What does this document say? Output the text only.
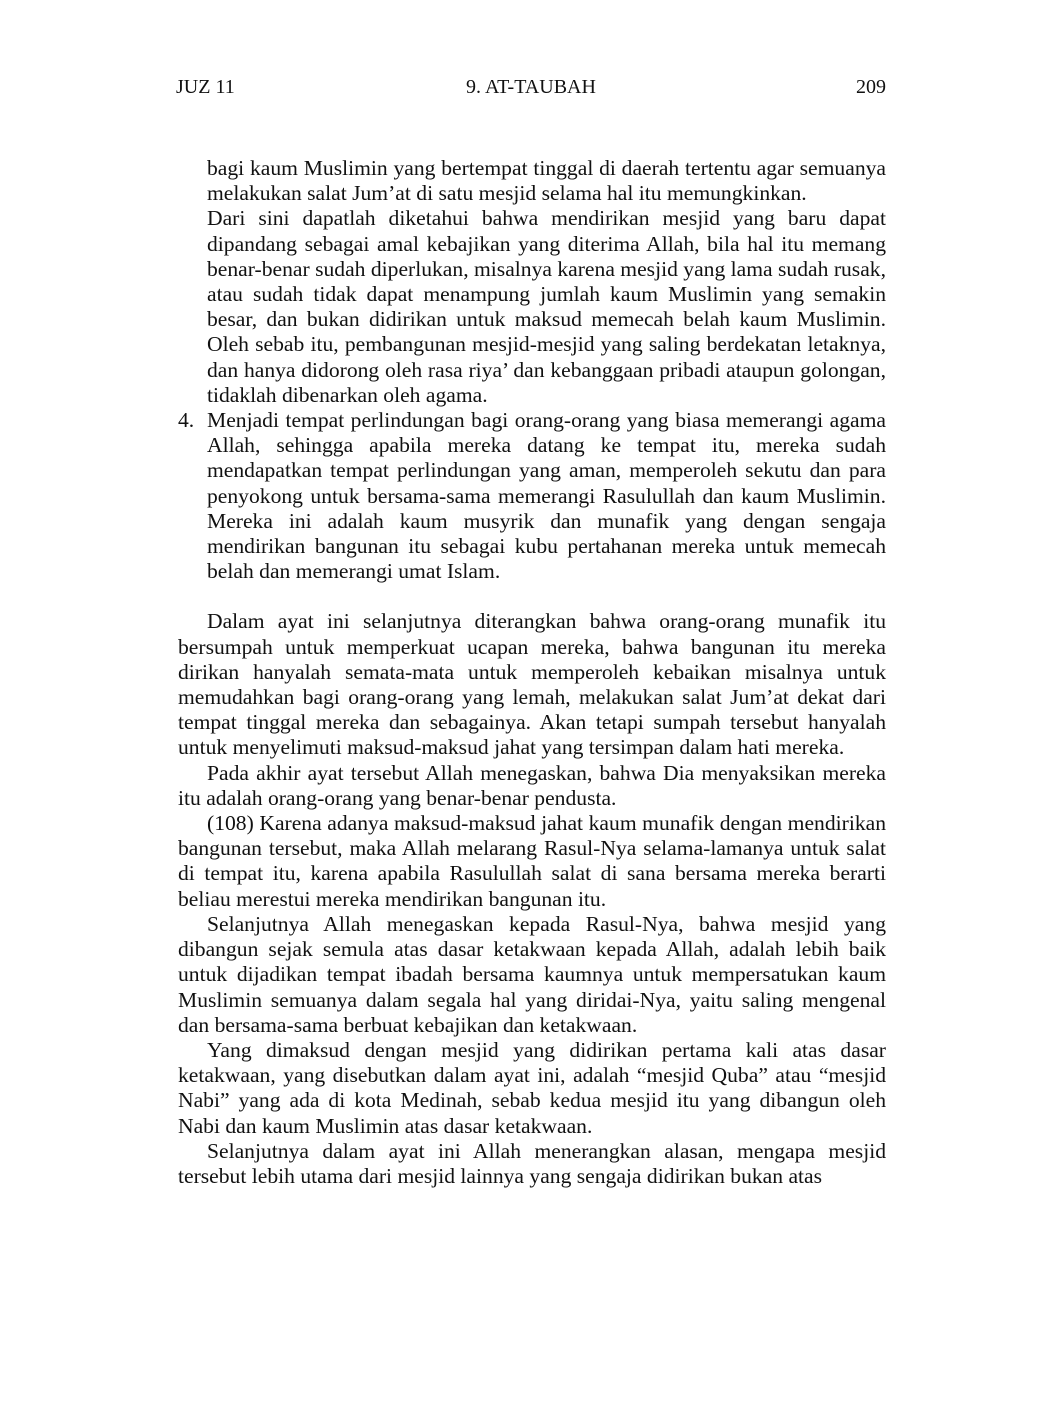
JUZ 11	9. AT-TAUBAH	209

bagi kaum Muslimin yang bertempat tinggal di daerah tertentu agar semuanya melakukan salat Jum’at di satu mesjid selama hal itu memungkinkan.

Dari sini dapatlah diketahui bahwa mendirikan mesjid yang baru dapat dipandang sebagai amal kebajikan yang diterima Allah, bila hal itu memang benar-benar sudah diperlukan, misalnya karena mesjid yang lama sudah rusak, atau sudah tidak dapat menampung jumlah kaum Muslimin yang semakin besar, dan bukan didirikan untuk maksud memecah belah kaum Muslimin. Oleh sebab itu, pembangunan mesjid-mesjid yang saling berdekatan letaknya, dan hanya didorong oleh rasa riya’ dan kebanggaan pribadi ataupun golongan, tidaklah dibenarkan oleh agama.

4. Menjadi tempat perlindungan bagi orang-orang yang biasa memerangi agama Allah, sehingga apabila mereka datang ke tempat itu, mereka sudah mendapatkan tempat perlindungan yang aman, memperoleh sekutu dan para penyokong untuk bersama-sama memerangi Rasulullah dan kaum Muslimin. Mereka ini adalah kaum musyrik dan munafik yang dengan sengaja mendirikan bangunan itu sebagai kubu pertahanan mereka untuk memecah belah dan memerangi umat Islam.

Dalam ayat ini selanjutnya diterangkan bahwa orang-orang munafik itu bersumpah untuk memperkuat ucapan mereka, bahwa bangunan itu mereka dirikan hanyalah semata-mata untuk memperoleh kebaikan misalnya untuk memudahkan bagi orang-orang yang lemah, melakukan salat Jum’at dekat dari tempat tinggal mereka dan sebagainya. Akan tetapi sumpah tersebut hanyalah untuk menyelimuti maksud-maksud jahat yang tersimpan dalam hati mereka.

Pada akhir ayat tersebut Allah menegaskan, bahwa Dia menyaksikan mereka itu adalah orang-orang yang benar-benar pendusta.

(108) Karena adanya maksud-maksud jahat kaum munafik dengan mendirikan bangunan tersebut, maka Allah melarang Rasul-Nya selama-lamanya untuk salat di tempat itu, karena apabila Rasulullah salat di sana bersama mereka berarti beliau merestui mereka mendirikan bangunan itu.

Selanjutnya Allah menegaskan kepada Rasul-Nya, bahwa mesjid yang dibangun sejak semula atas dasar ketakwaan kepada Allah, adalah lebih baik untuk dijadikan tempat ibadah bersama kaumnya untuk mempersatukan kaum Muslimin semuanya dalam segala hal yang diridai-Nya, yaitu saling mengenal dan bersama-sama berbuat kebajikan dan ketakwaan.

Yang dimaksud dengan mesjid yang didirikan pertama kali atas dasar ketakwaan, yang disebutkan dalam ayat ini, adalah “mesjid Quba” atau “mesjid Nabi” yang ada di kota Medinah, sebab kedua mesjid itu yang dibangun oleh Nabi dan kaum Muslimin atas dasar ketakwaan.

Selanjutnya dalam ayat ini Allah menerangkan alasan, mengapa mesjid tersebut lebih utama dari mesjid lainnya yang sengaja didirikan bukan atas
